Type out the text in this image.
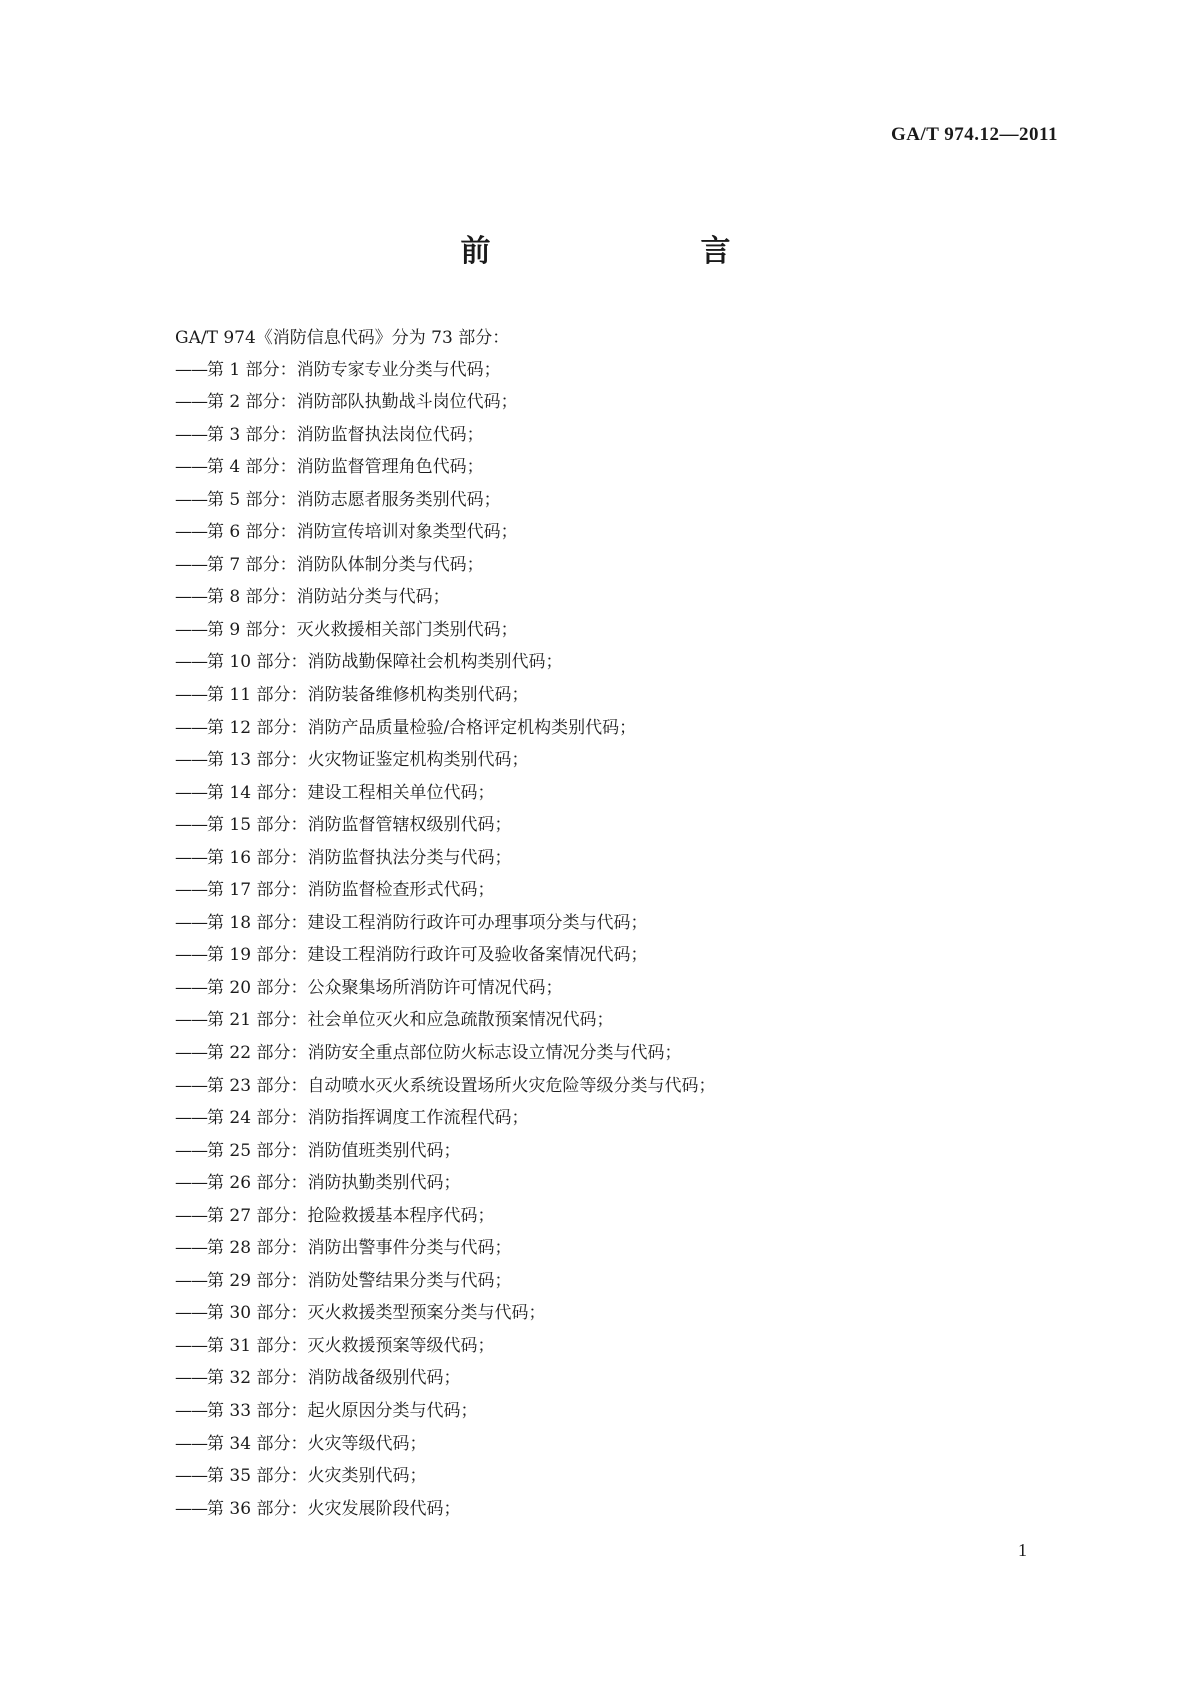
GA/T 974.12—2011
前　　言
GA/T 974《消防信息代码》分为 73 部分：
——第 1 部分：消防专家专业分类与代码；
——第 2 部分：消防部队执勤战斗岗位代码；
——第 3 部分：消防监督执法岗位代码；
——第 4 部分：消防监督管理角色代码；
——第 5 部分：消防志愿者服务类别代码；
——第 6 部分：消防宣传培训对象类型代码；
——第 7 部分：消防队体制分类与代码；
——第 8 部分：消防站分类与代码；
——第 9 部分：灭火救援相关部门类别代码；
——第 10 部分：消防战勤保障社会机构类别代码；
——第 11 部分：消防装备维修机构类别代码；
——第 12 部分：消防产品质量检验/合格评定机构类别代码；
——第 13 部分：火灾物证鉴定机构类别代码；
——第 14 部分：建设工程相关单位代码；
——第 15 部分：消防监督管辖权级别代码；
——第 16 部分：消防监督执法分类与代码；
——第 17 部分：消防监督检查形式代码；
——第 18 部分：建设工程消防行政许可办理事项分类与代码；
——第 19 部分：建设工程消防行政许可及验收备案情况代码；
——第 20 部分：公众聚集场所消防许可情况代码；
——第 21 部分：社会单位灭火和应急疏散预案情况代码；
——第 22 部分：消防安全重点部位防火标志设立情况分类与代码；
——第 23 部分：自动喷水灭火系统设置场所火灾危险等级分类与代码；
——第 24 部分：消防指挥调度工作流程代码；
——第 25 部分：消防值班类别代码；
——第 26 部分：消防执勤类别代码；
——第 27 部分：抢险救援基本程序代码；
——第 28 部分：消防出警事件分类与代码；
——第 29 部分：消防处警结果分类与代码；
——第 30 部分：灭火救援类型预案分类与代码；
——第 31 部分：灭火救援预案等级代码；
——第 32 部分：消防战备级别代码；
——第 33 部分：起火原因分类与代码；
——第 34 部分：火灾等级代码；
——第 35 部分：火灾类别代码；
——第 36 部分：火灾发展阶段代码；
1
